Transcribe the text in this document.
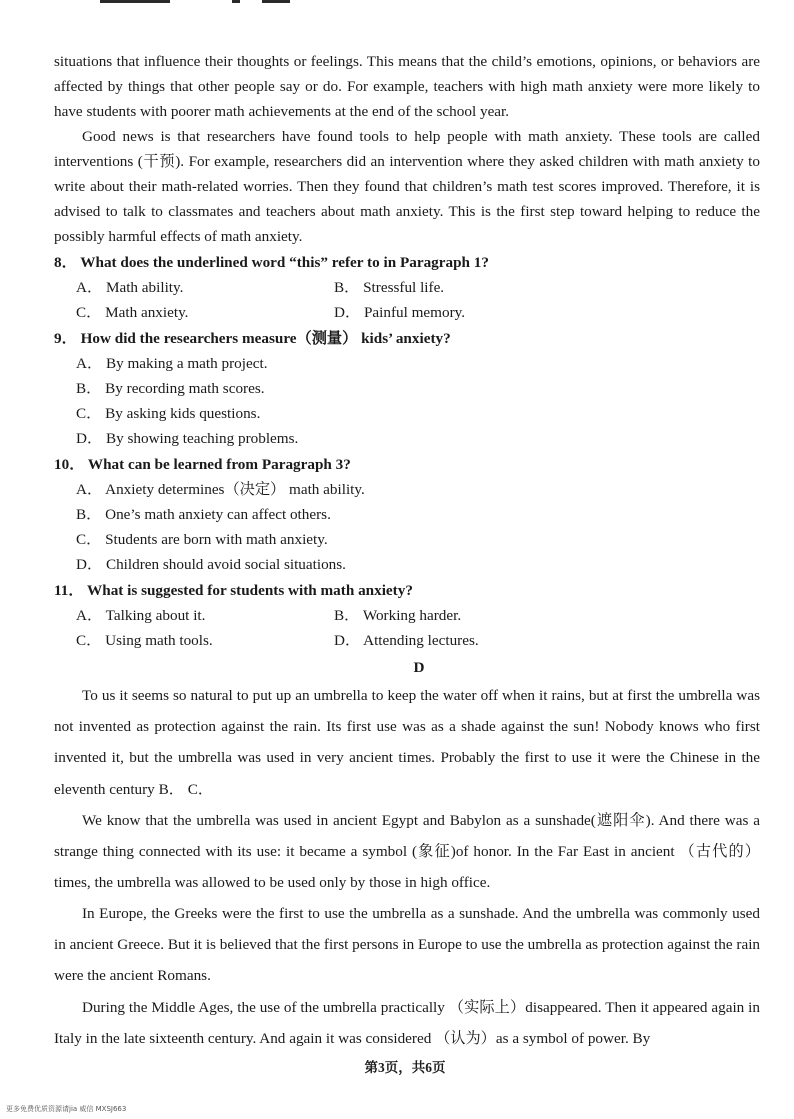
situations that influence their thoughts or feelings. This means that the child’s emotions, opinions, or behaviors are affected by things that other people say or do. For example, teachers with high math anxiety were more likely to have students with poorer math achievements at the end of the school year.

Good news is that researchers have found tools to help people with math anxiety. These tools are called interventions (干预). For example, researchers did an intervention where they asked children with math anxiety to write about their math-related worries. Then they found that children’s math test scores improved. Therefore, it is advised to talk to classmates and teachers about math anxiety. This is the first step toward helping to reduce the possibly harmful effects of math anxiety.

8． What does the underlined word “this” refer to in Paragraph 1?
A． Math ability.	B． Stressful life.
C． Math anxiety.	D． Painful memory.
9． How did the researchers measure（测量） kids’ anxiety?
A． By making a math project.
B． By recording math scores.
C． By asking kids questions.
D． By showing teaching problems.
10． What can be learned from Paragraph 3?
A． Anxiety determines（决定） math ability.
B． One’s math anxiety can affect others.
C． Students are born with math anxiety.
D． Children should avoid social situations.
11． What is suggested for students with math anxiety?
A． Talking about it.	B． Working harder.
C． Using math tools.	D． Attending lectures.
D

To us it seems so natural to put up an umbrella to keep the water off when it rains, but at first the umbrella was not invented as protection against the rain. Its first use was as a shade against the sun! Nobody knows who first invented it, but the umbrella was used in very ancient times. Probably the first to use it were the Chinese in the eleventh century B． C．

We know that the umbrella was used in ancient Egypt and Babylon as a sunshade(遮阳伞). And there was a strange thing connected with its use: it became a symbol (象征)of honor. In the Far East in ancient （古代的）times, the umbrella was allowed to be used only by those in high office.

In Europe, the Greeks were the first to use the umbrella as a sunshade. And the umbrella was commonly used in ancient Greece. But it is believed that the first persons in Europe to use the umbrella as protection against the rain were the ancient Romans.

During the Middle Ages, the use of the umbrella practically （实际上）disappeared. Then it appeared again in Italy in the late sixteenth century. And again it was considered （认为）as a symbol of power. By

第3页，共6页
更多免费优质资源请jia 威信 MXSJ663
